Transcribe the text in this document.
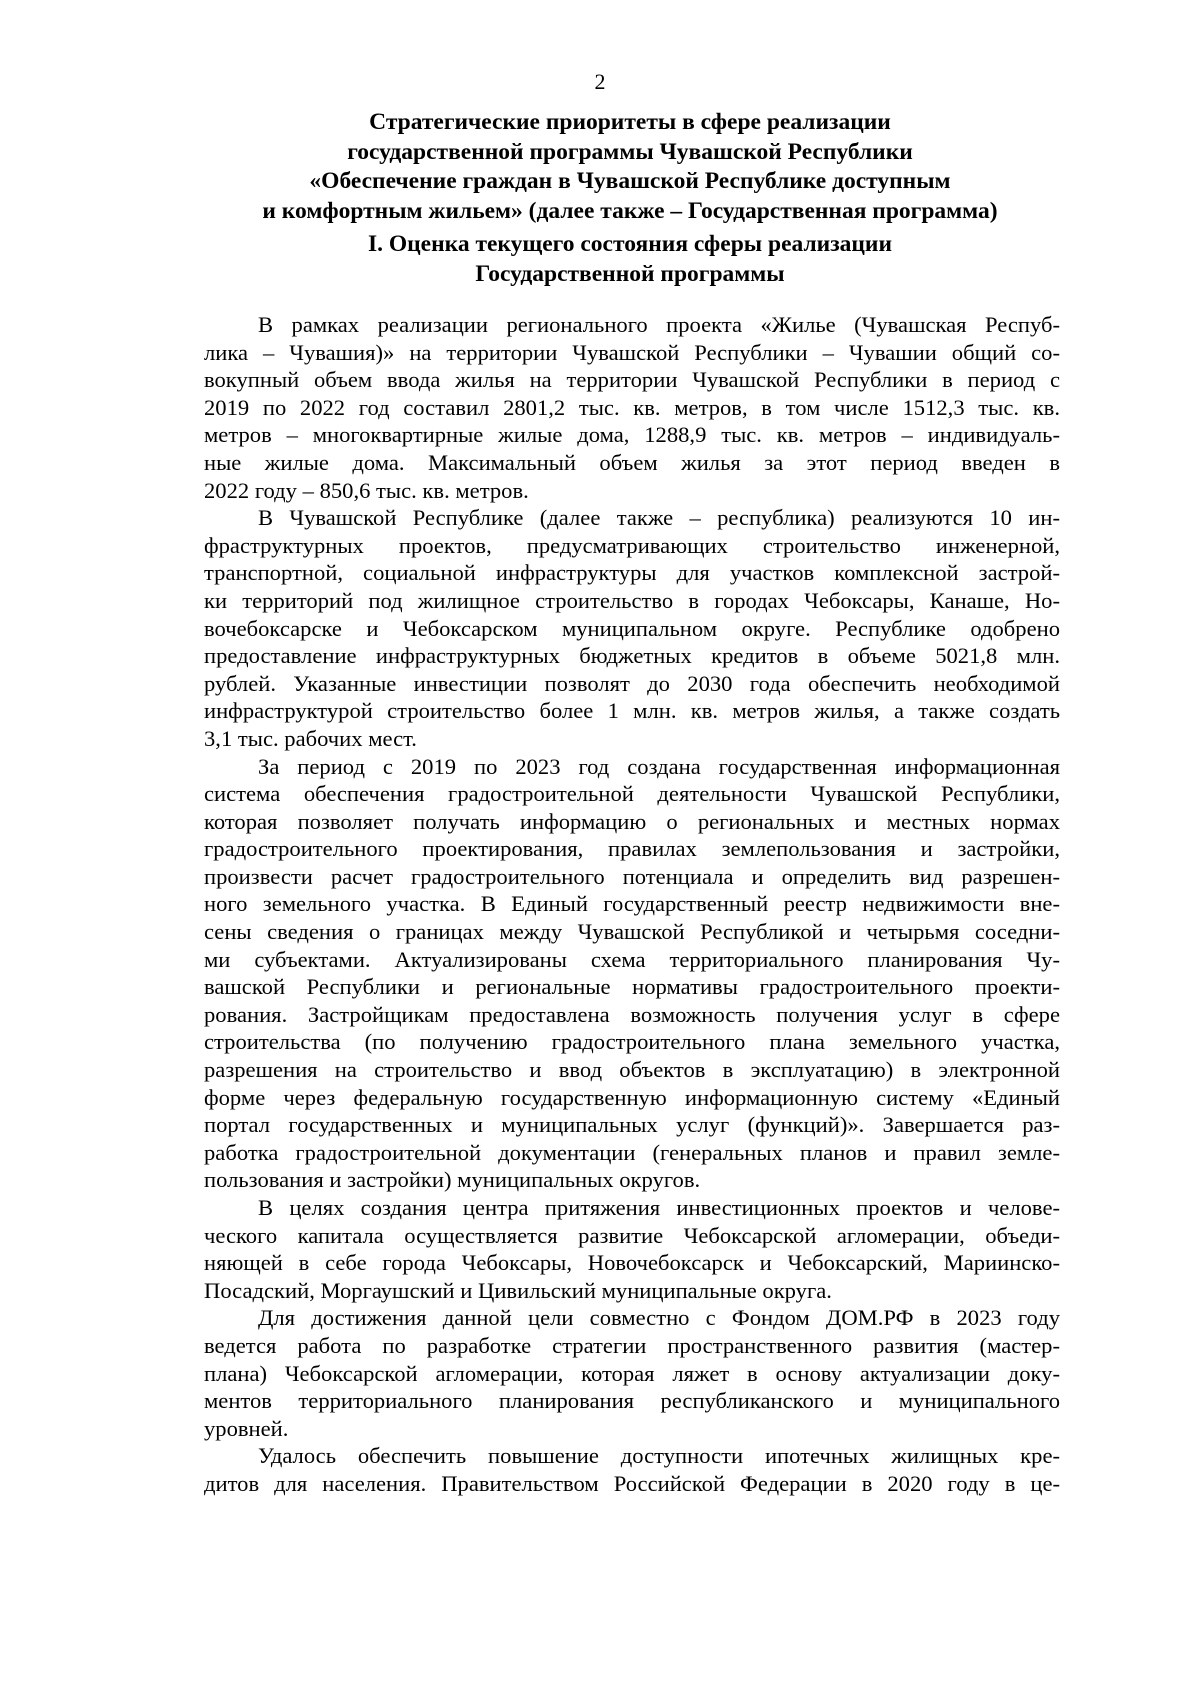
2
Стратегические приоритеты в сфере реализации
государственной программы Чувашской Республики
«Обеспечение граждан в Чувашской Республике доступным
и комфортным жильем» (далее также – Государственная программа)
I. Оценка текущего состояния сферы реализации
Государственной программы
В рамках реализации регионального проекта «Жилье (Чувашская Респуб-
лика – Чувашия)» на территории Чувашской Республики – Чувашии общий со-
вокупный объем ввода жилья на территории Чувашской Республики в период с
2019 по 2022 год составил 2801,2 тыс. кв. метров, в том числе 1512,3 тыс. кв.
метров – многоквартирные жилые дома, 1288,9 тыс. кв. метров – индивидуаль-
ные жилые дома. Максимальный объем жилья за этот период введен в
2022 году – 850,6 тыс. кв. метров.
В Чувашской Республике (далее также – республика) реализуются 10 ин-
фраструктурных проектов, предусматривающих строительство инженерной,
транспортной, социальной инфраструктуры для участков комплексной застрой-
ки территорий под жилищное строительство в городах Чебоксары, Канаше, Но-
вочебоксарске и Чебоксарском муниципальном округе. Республике одобрено
предоставление инфраструктурных бюджетных кредитов в объеме 5021,8 млн.
рублей. Указанные инвестиции позволят до 2030 года обеспечить необходимой
инфраструктурой строительство более 1 млн. кв. метров жилья, а также создать
3,1 тыс. рабочих мест.
За период с 2019 по 2023 год создана государственная информационная
система обеспечения градостроительной деятельности Чувашской Республики,
которая позволяет получать информацию о региональных и местных нормах
градостроительного проектирования, правилах землепользования и застройки,
произвести расчет градостроительного потенциала и определить вид разрешен-
ного земельного участка. В Единый государственный реестр недвижимости вне-
сены сведения о границах между Чувашской Республикой и четырьмя соседни-
ми субъектами. Актуализированы схема территориального планирования Чу-
вашской Республики и региональные нормативы градостроительного проекти-
рования. Застройщикам предоставлена возможность получения услуг в сфере
строительства (по получению градостроительного плана земельного участка,
разрешения на строительство и ввод объектов в эксплуатацию) в электронной
форме через федеральную государственную информационную систему «Единый
портал государственных и муниципальных услуг (функций)». Завершается раз-
работка градостроительной документации (генеральных планов и правил земле-
пользования и застройки) муниципальных округов.
В целях создания центра притяжения инвестиционных проектов и челове-
ческого капитала осуществляется развитие Чебоксарской агломерации, объеди-
няющей в себе города Чебоксары, Новочебоксарск и Чебоксарский, Мариинско-
Посадский, Моргаушский и Цивильский муниципальные округа.
Для достижения данной цели совместно с Фондом ДОМ.РФ в 2023 году
ведется работа по разработке стратегии пространственного развития (мастер-
плана) Чебоксарской агломерации, которая ляжет в основу актуализации доку-
ментов территориального планирования республиканского и муниципального
уровней.
Удалось обеспечить повышение доступности ипотечных жилищных кре-
дитов для населения. Правительством Российской Федерации в 2020 году в це-
